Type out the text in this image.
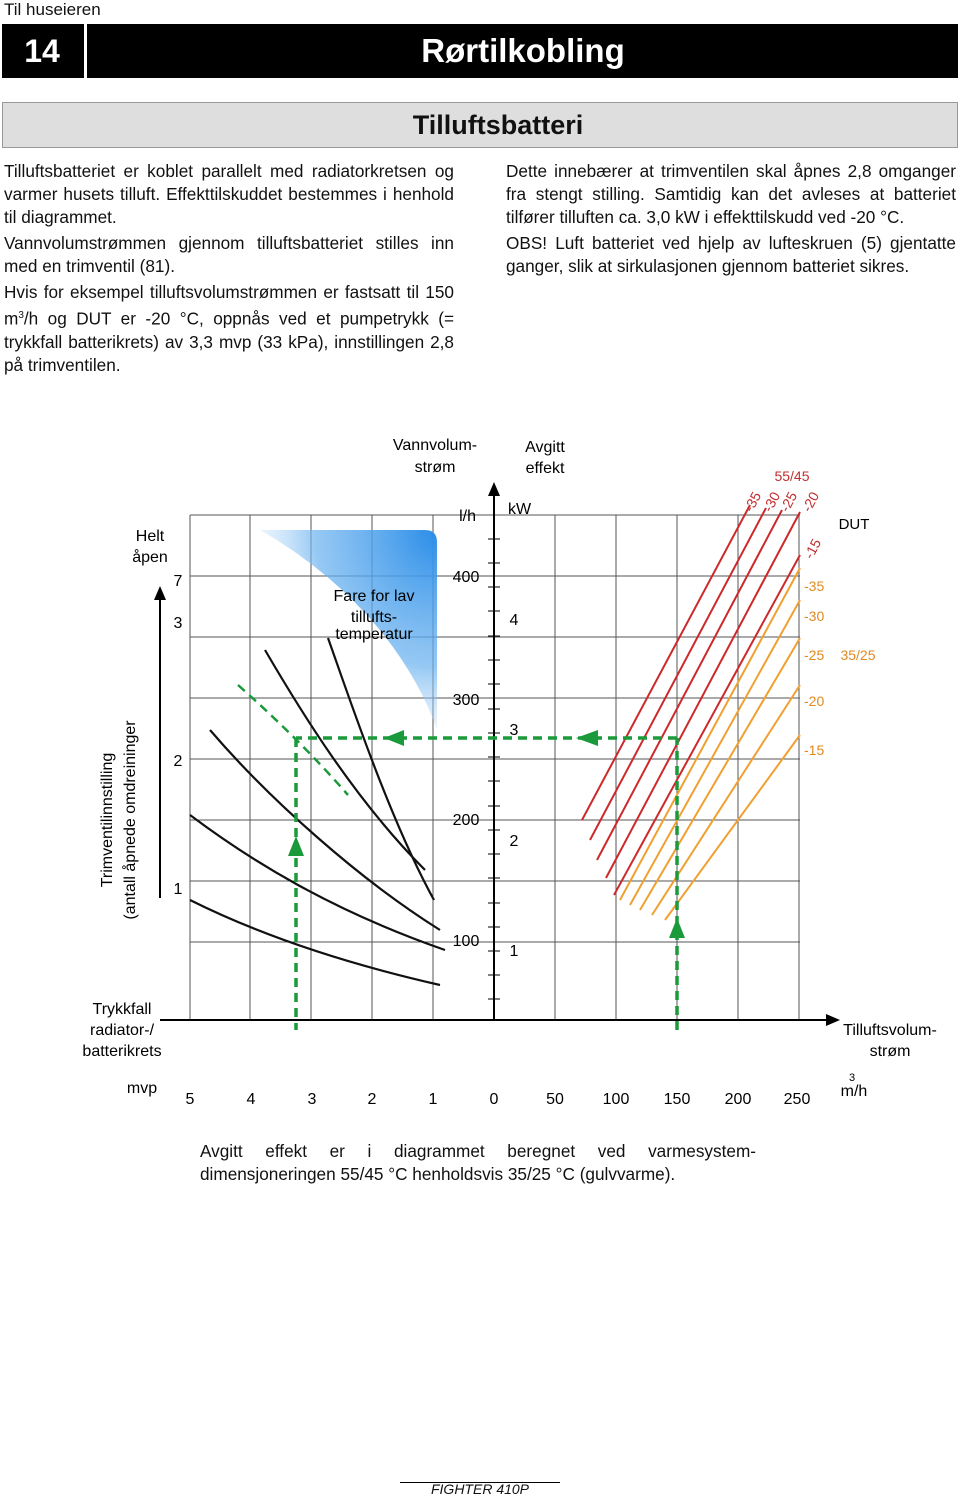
Til huseieren
14	Rørtilkobling
Tilluftsbatteri

Tilluftsbatteriet er koblet parallelt med radiatorkretsen og varmer husets tilluft. Effekttilskuddet bestemmes i henhold til diagrammet.

Vannvolumstrømmen gjennom tilluftsbatteriet stilles inn med en trimventil (81).

Hvis for eksempel tilluftsvolumstrømmen er fastsatt til 150 $m^3/h$ og DUT er -20 °C, oppnås ved et pumpetrykk (= trykkfall batterikrets) av 3,3 mvp (33 kPa), innstillingen 2,8 på trimventilen.

Dette innebærer at trimventilen skal åpnes 2,8 omganger fra stengt stilling. Samtidig kan det avleses at batteriet tilfører tilluften ca. 3,0 kW i effekttilskudd ved -20 °C.

OBS! Luft batteriet ved hjelp av lufteskruen (5) gjentatte ganger, slik at sirkulasjonen gjennom batteriet sikres.

Vannvolum-
strøm
Avgitt
effekt
l/h kW
Helt
åpen
Trimventilinnstilling (antall åpnede omdreininger
7
3
2
1
Fare for lav
tillufts-
temperatur
400
300
200
100
4
3
2
1
Trykkfall
radiator-/
batterikrets
mvp
5	4	3	2	1	0	50 100 150 200 250
Tilluftsvolum-
strøm
m/h
3
55/45
DUT
35/25
-35
-30
-25
-20
-15
-35
-30
-25
-20
-15
Avgitt effekt er i diagrammet beregnet ved varmesystem-dimensjoneringen 55/45 °C henholdsvis 35/25 °C (gulvvarme).
FIGHTER 410P
